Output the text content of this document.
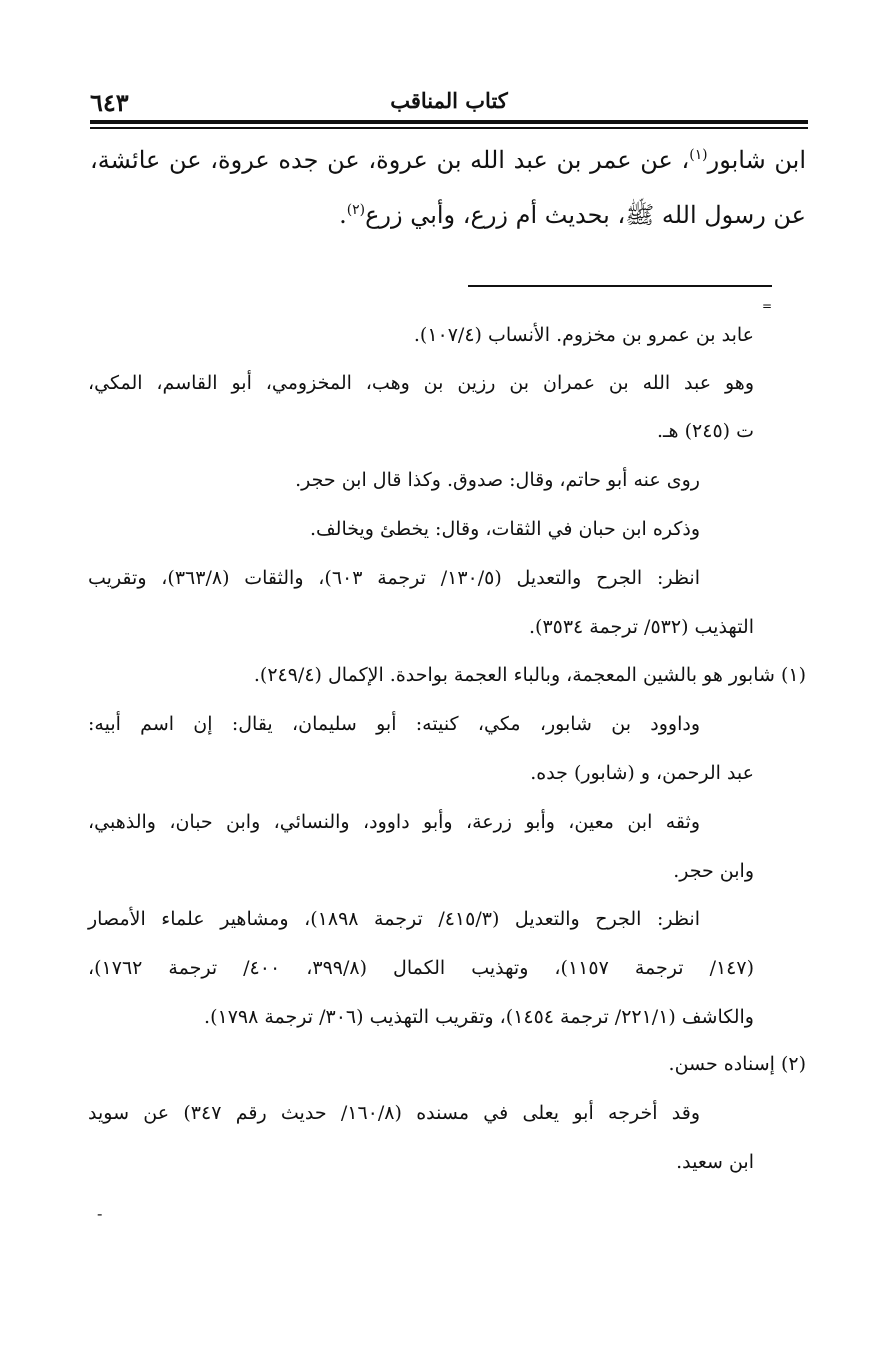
٦٤٣	كتاب المناقب
ابن شابور$^{(١)}$، عن عمر بن عبد الله بن عروة، عن جده عروة، عن عائشة،
عن رسول الله ﷺ، بحديث أم زرع، وأبي زرع$^{(٢)}$.
=
عابد بن عمرو بن مخزوم. الأنساب (١٠٧/٤).
وهو عبد الله بن عمران بن رزين بن وهب، المخزومي، أبو القاسم، المكي،
ت (٢٤٥) هـ.
روى عنه أبو حاتم، وقال: صدوق. وكذا قال ابن حجر.
وذكره ابن حبان في الثقات، وقال: يخطئ ويخالف.
انظر: الجرح والتعديل (١٣٠/٥/ ترجمة ٦٠٣)، والثقات (٣٦٣/٨)، وتقريب
التهذيب (٥٣٢/ ترجمة ٣٥٣٤).
(١) شابور هو بالشين المعجمة، وبالباء العجمة بواحدة. الإكمال (٢٤٩/٤).
وداوود بن شابور، مكي، كنيته: أبو سليمان، يقال: إن اسم أبيه:
عبد الرحمن، و (شابور) جده.
وثقه ابن معين، وأبو زرعة، وأبو داوود، والنسائي، وابن حبان، والذهبي،
وابن حجر.
انظر: الجرح والتعديل (٤١٥/٣/ ترجمة ١٨٩٨)، ومشاهير علماء الأمصار
(١٤٧/ ترجمة ١١٥٧)، وتهذيب الكمال (٣٩٩/٨، ٤٠٠/ ترجمة ١٧٦٢)،
والكاشف (٢٢١/١/ ترجمة ١٤٥٤)، وتقريب التهذيب (٣٠٦/ ترجمة ١٧٩٨).
(٢) إسناده حسن.
وقد أخرجه أبو يعلى في مسنده (١٦٠/٨/ حديث رقم ٣٤٧) عن سويد
ابن سعيد.
-
